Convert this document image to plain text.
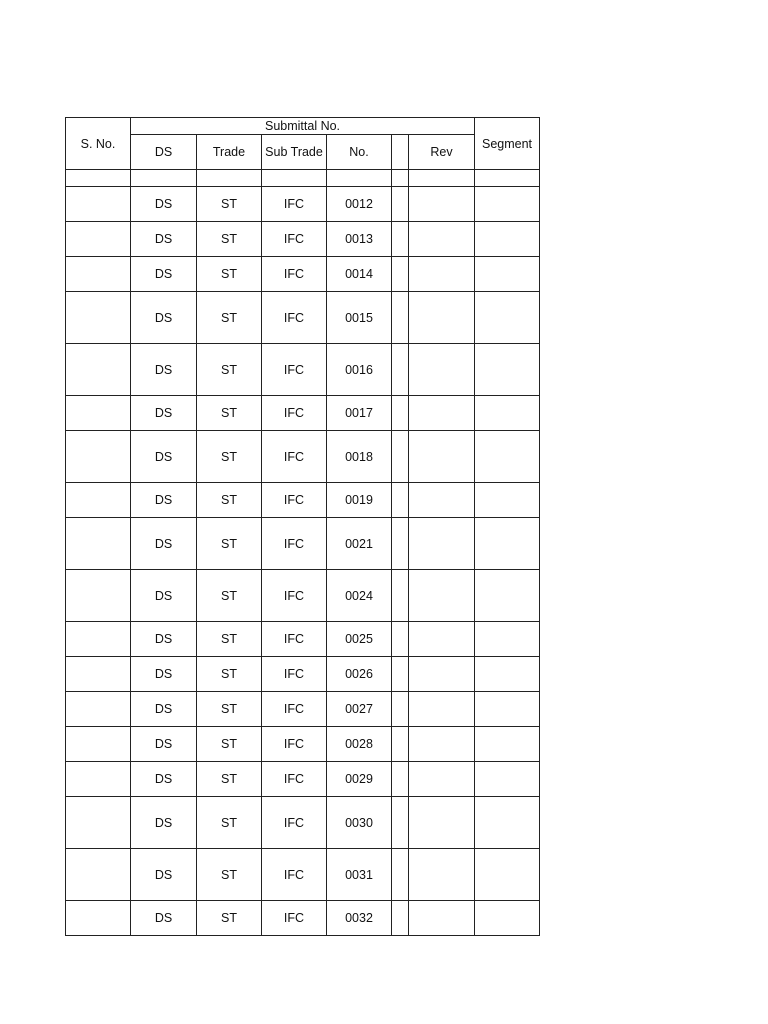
S. No.	Submittal No.						Segment
	DS	Trade	Sub Trade	No.		Rev	

	DS	ST	IFC	0012			
	DS	ST	IFC	0013			
	DS	ST	IFC	0014			
	DS	ST	IFC	0015			
	DS	ST	IFC	0016			
	DS	ST	IFC	0017			
	DS	ST	IFC	0018			
	DS	ST	IFC	0019			
	DS	ST	IFC	0021			
	DS	ST	IFC	0024			
	DS	ST	IFC	0025			
	DS	ST	IFC	0026			
	DS	ST	IFC	0027			
	DS	ST	IFC	0028			
	DS	ST	IFC	0029			
	DS	ST	IFC	0030			
	DS	ST	IFC	0031			
	DS	ST	IFC	0032			
